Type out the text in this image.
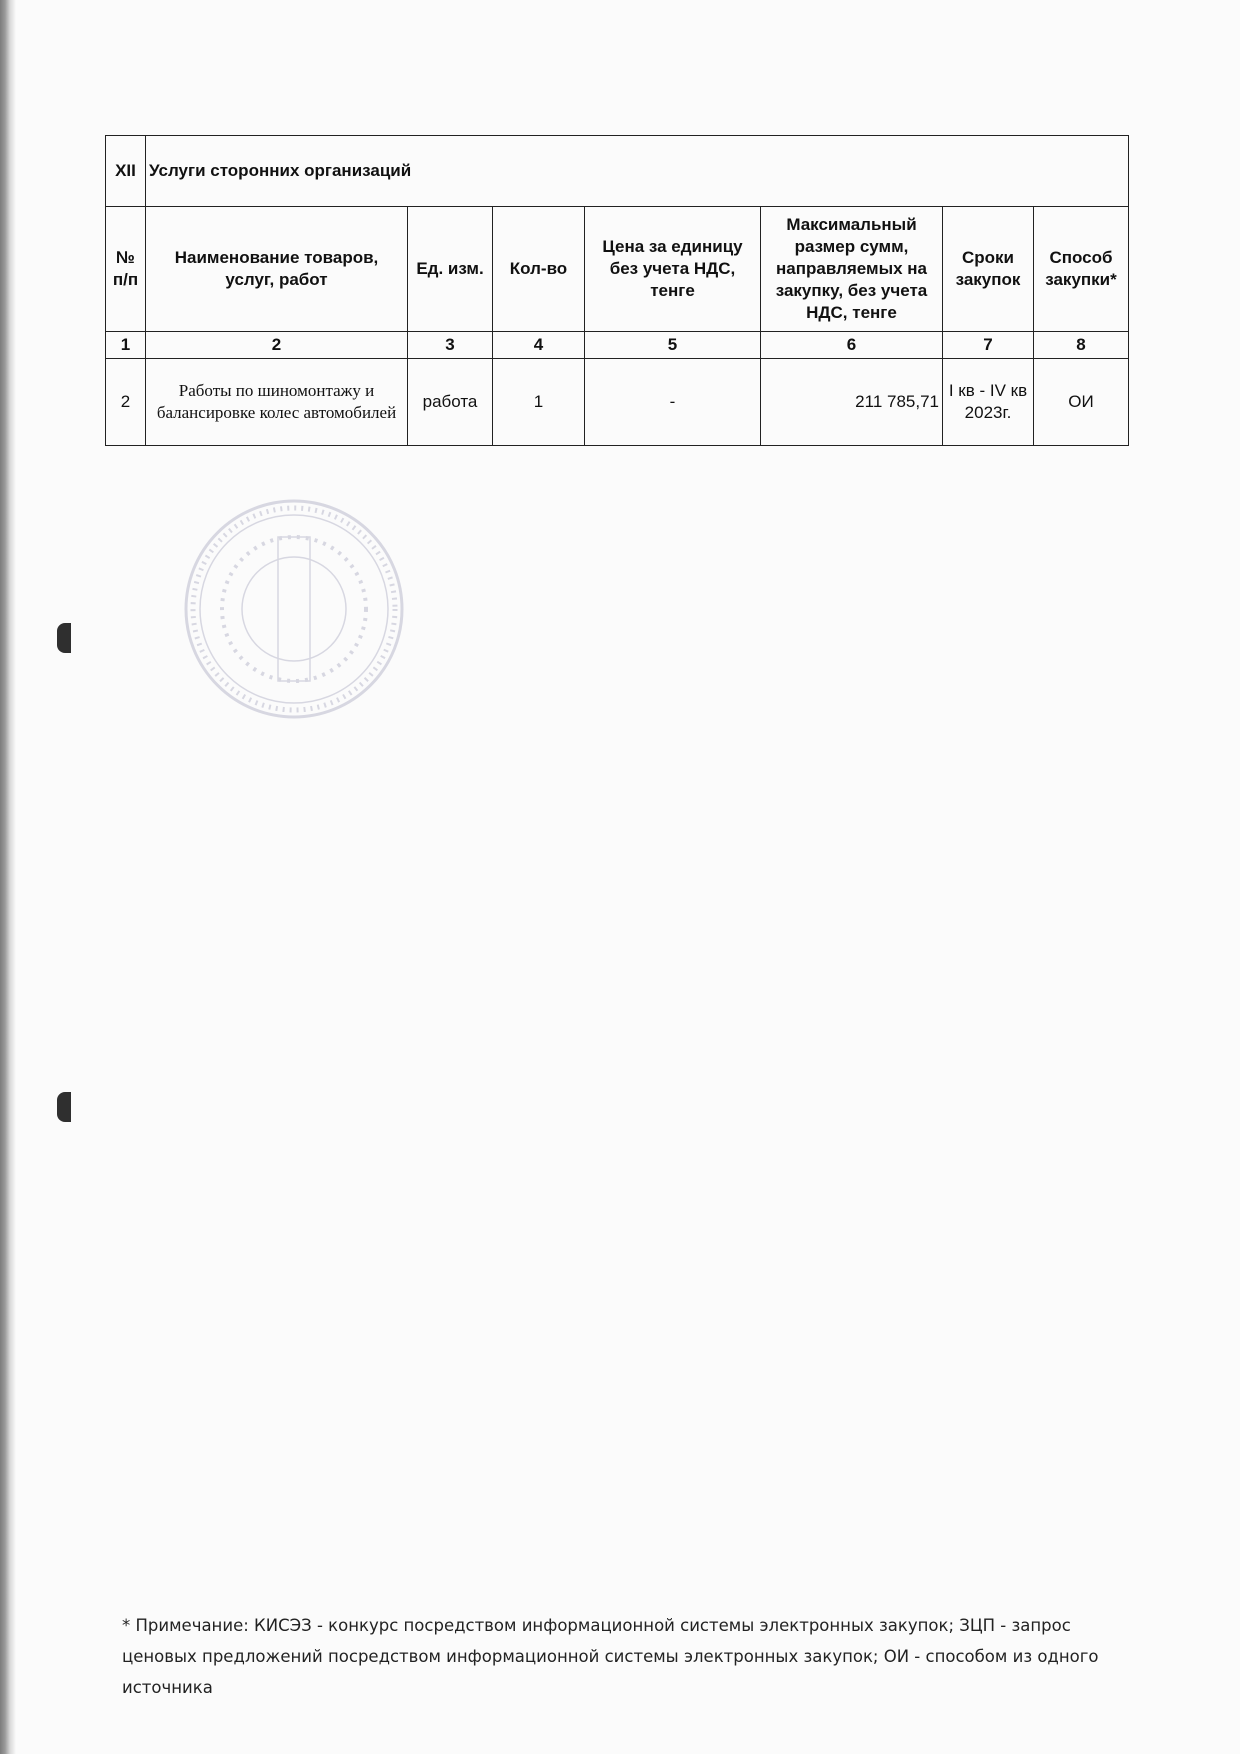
XII	Услуги сторонних организаций						
№ п/п	Наименование товаров, услуг, работ	Ед. изм.	Кол-во	Цена за единицу без учета НДС, тенге	Максимальный размер сумм, направляемых на закупку, без учета НДС, тенге	Сроки закупок	Способ закупки*
1	2	3	4	5	6	7	8
2	Работы по шиномонтажу и балансировке колес автомобилей	работа	1	-	211 785,71	I кв - IV кв 2023г.	ОИ
* Примечание: КИСЭЗ - конкурс посредством информационной системы электронных закупок; ЗЦП - запрос ценовых предложений посредством информационной системы электронных закупок; ОИ - способом из одного источника
